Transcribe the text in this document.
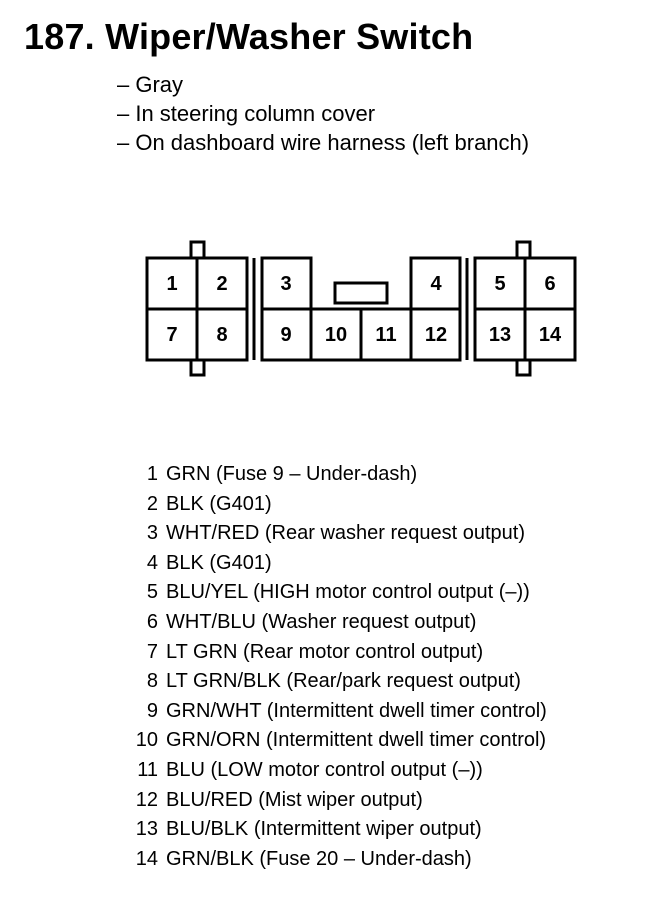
187. Wiper/Washer Switch
– Gray
– In steering column cover
– On dashboard wire harness (left branch)
1 2	3	4	5 6
7 8	9 10 11 12 13 14
1 GRN (Fuse 9 – Under-dash)
2 BLK (G401)
3 WHT/RED (Rear washer request output)
4 BLK (G401)
5 BLU/YEL (HIGH motor control output (–))
6 WHT/BLU (Washer request output)
7 LT GRN (Rear motor control output)
8 LT GRN/BLK (Rear/park request output)
9 GRN/WHT (Intermittent dwell timer control)
10 GRN/ORN (Intermittent dwell timer control)
11 BLU (LOW motor control output (–))
12 BLU/RED (Mist wiper output)
13 BLU/BLK (Intermittent wiper output)
14 GRN/BLK (Fuse 20 – Under-dash)
